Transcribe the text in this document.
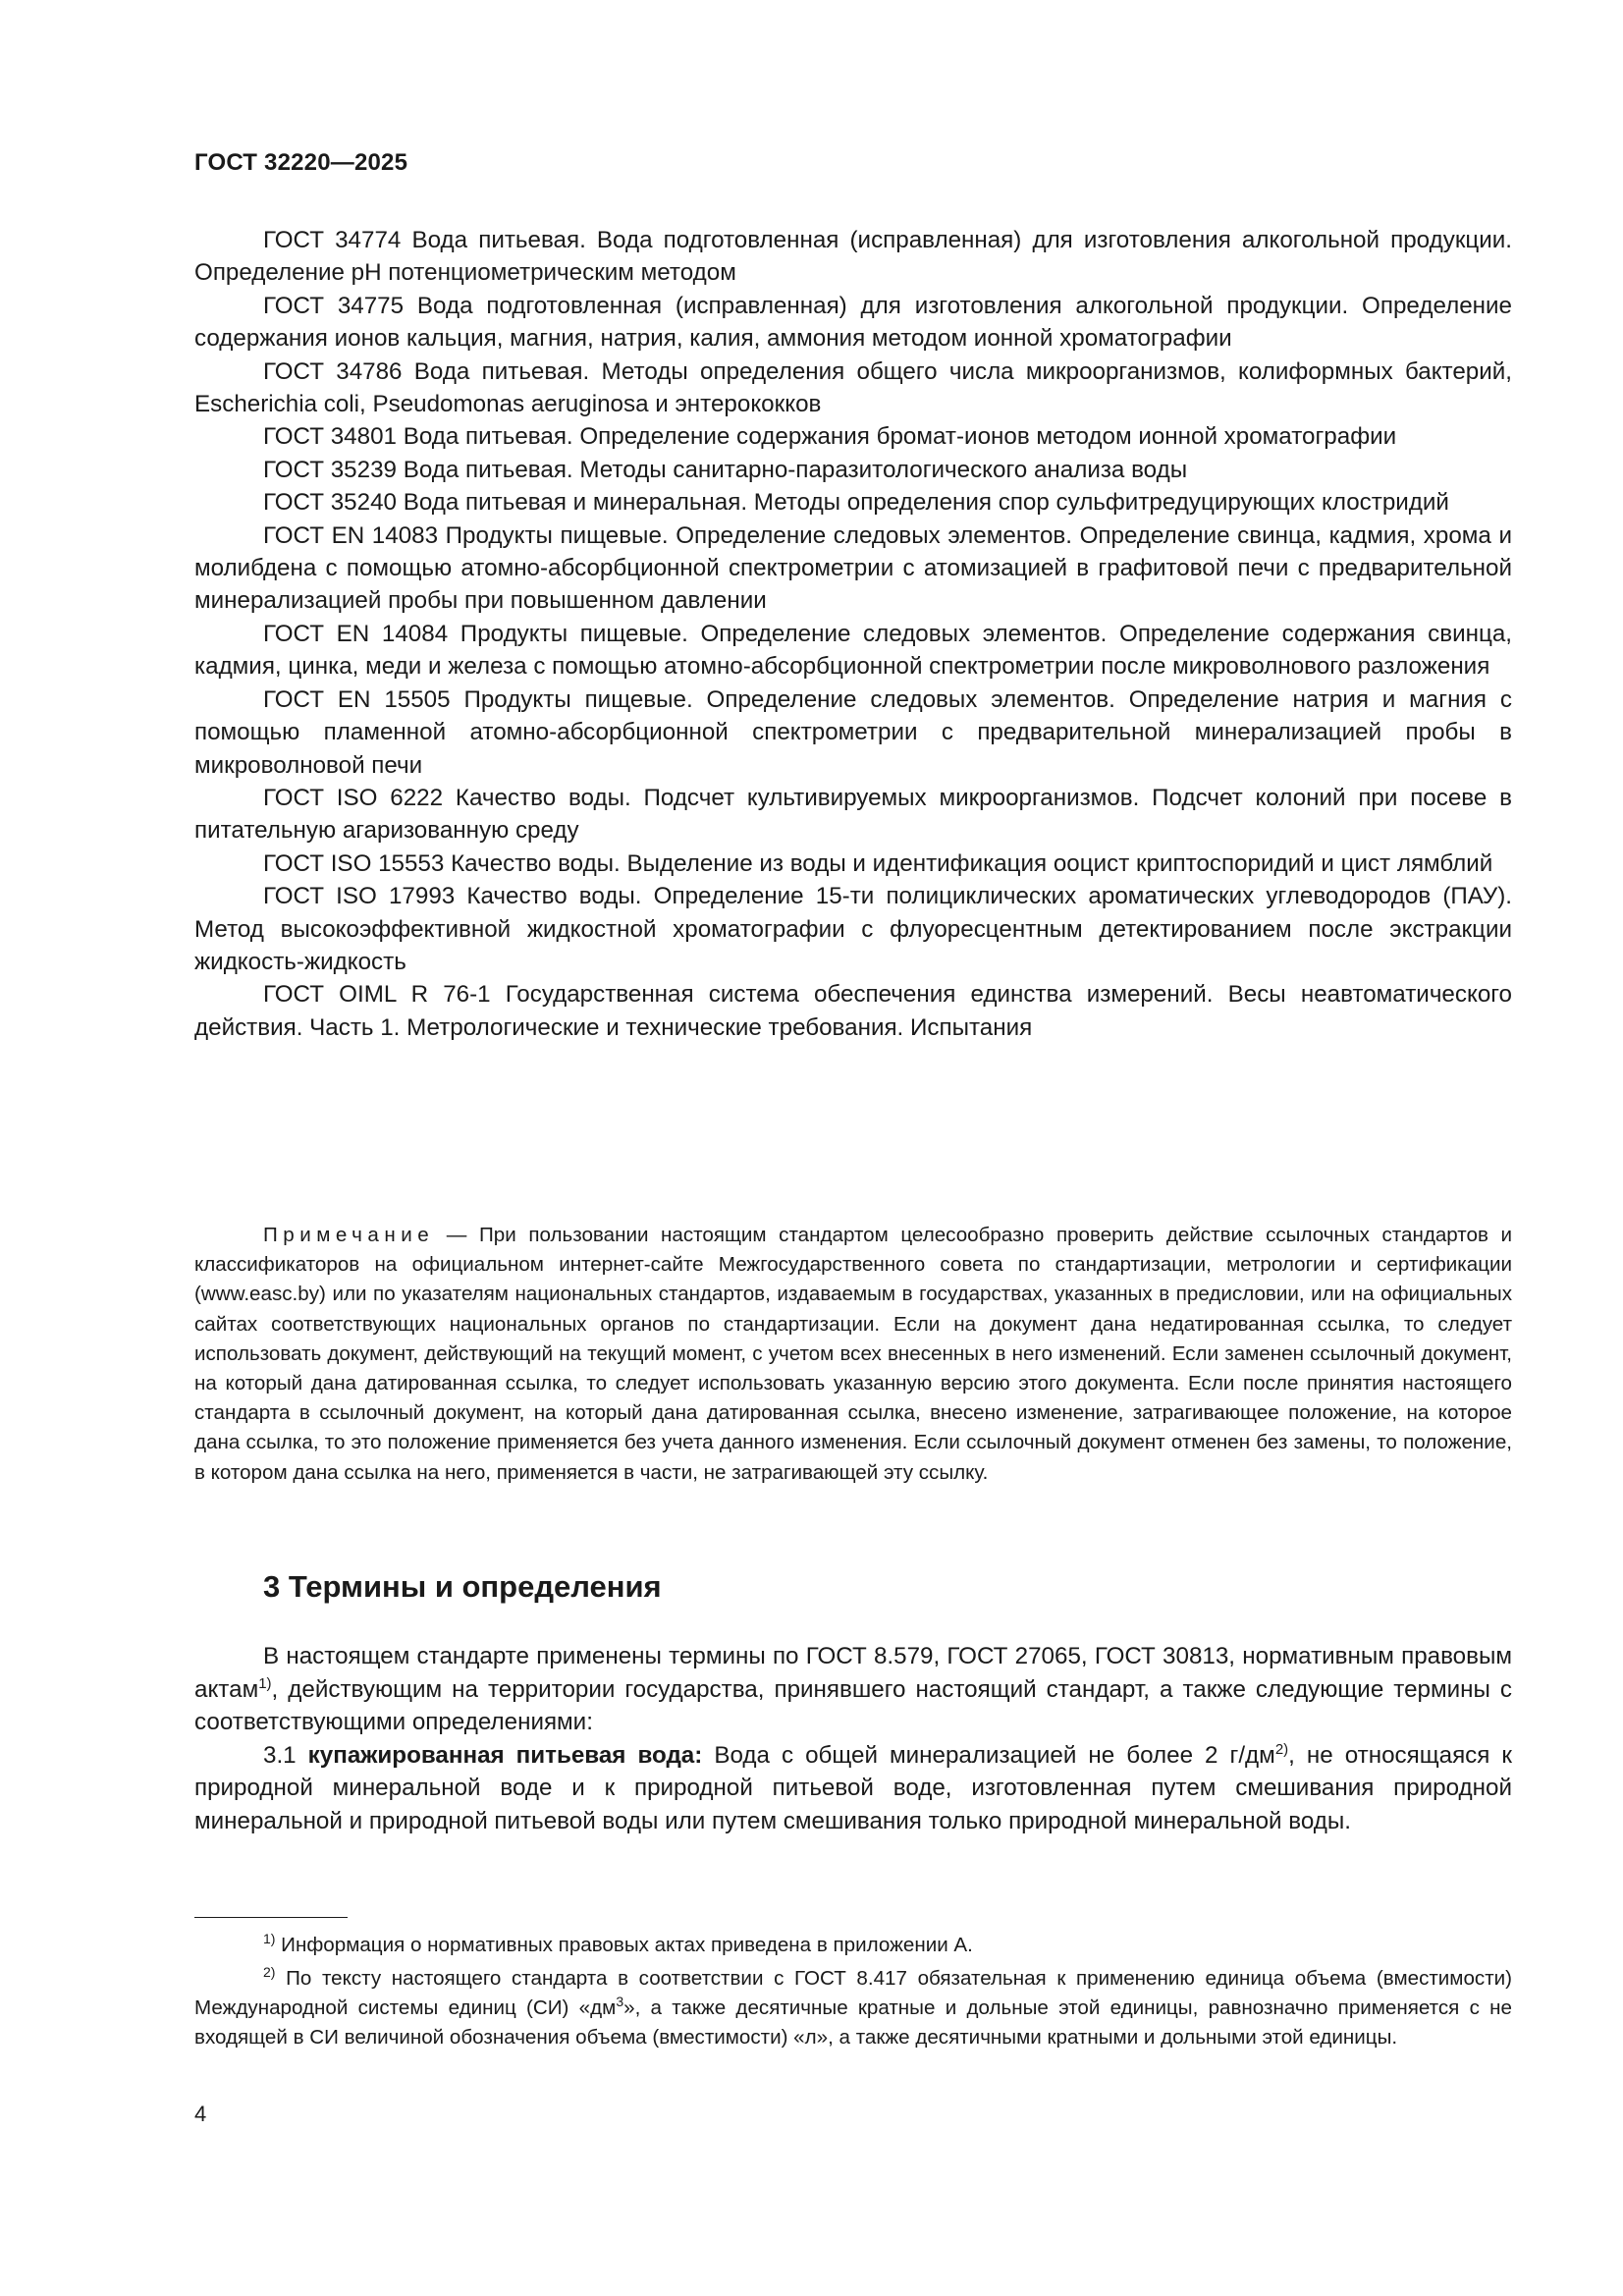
ГОСТ 32220—2025

ГОСТ 34774 Вода питьевая. Вода подготовленная (исправленная) для изготовления алкогольной продукции. Определение pH потенциометрическим методом

ГОСТ 34775 Вода подготовленная (исправленная) для изготовления алкогольной продукции. Определение содержания ионов кальция, магния, натрия, калия, аммония методом ионной хроматографии

ГОСТ 34786 Вода питьевая. Методы определения общего числа микроорганизмов, колиформных бактерий, Escherichia coli, Pseudomonas aeruginosa и энтерококков

ГОСТ 34801 Вода питьевая. Определение содержания бромат-ионов методом ионной хроматографии

ГОСТ 35239 Вода питьевая. Методы санитарно-паразитологического анализа воды

ГОСТ 35240 Вода питьевая и минеральная. Методы определения спор сульфитредуцирующих клостридий

ГОСТ EN 14083 Продукты пищевые. Определение следовых элементов. Определение свинца, кадмия, хрома и молибдена с помощью атомно-абсорбционной спектрометрии с атомизацией в графитовой печи с предварительной минерализацией пробы при повышенном давлении

ГОСТ EN 14084 Продукты пищевые. Определение следовых элементов. Определение содержания свинца, кадмия, цинка, меди и железа с помощью атомно-абсорбционной спектрометрии после микроволнового разложения

ГОСТ EN 15505 Продукты пищевые. Определение следовых элементов. Определение натрия и магния с помощью пламенной атомно-абсорбционной спектрометрии с предварительной минерализацией пробы в микроволновой печи

ГОСТ ISO 6222 Качество воды. Подсчет культивируемых микроорганизмов. Подсчет колоний при посеве в питательную агаризованную среду

ГОСТ ISO 15553 Качество воды. Выделение из воды и идентификация ооцист криптоспоридий и цист лямблий

ГОСТ ISO 17993 Качество воды. Определение 15-ти полициклических ароматических углеводородов (ПАУ). Метод высокоэффективной жидкостной хроматографии с флуоресцентным детектированием после экстракции жидкость-жидкость

ГОСТ OIML R 76-1 Государственная система обеспечения единства измерений. Весы неавтоматического действия. Часть 1. Метрологические и технические требования. Испытания

Примечание — При пользовании настоящим стандартом целесообразно проверить действие ссылочных стандартов и классификаторов на официальном интернет-сайте Межгосударственного совета по стандартизации, метрологии и сертификации (www.easc.by) или по указателям национальных стандартов, издаваемым в государствах, указанных в предисловии, или на официальных сайтах соответствующих национальных органов по стандартизации. Если на документ дана недатированная ссылка, то следует использовать документ, действующий на текущий момент, с учетом всех внесенных в него изменений. Если заменен ссылочный документ, на который дана датированная ссылка, то следует использовать указанную версию этого документа. Если после принятия настоящего стандарта в ссылочный документ, на который дана датированная ссылка, внесено изменение, затрагивающее положение, на которое дана ссылка, то это положение применяется без учета данного изменения. Если ссылочный документ отменен без замены, то положение, в котором дана ссылка на него, применяется в части, не затрагивающей эту ссылку.

3 Термины и определения

В настоящем стандарте применены термины по ГОСТ 8.579, ГОСТ 27065, ГОСТ 30813, нормативным правовым актам$^{1)}$, действующим на территории государства, принявшего настоящий стандарт, а также следующие термины с соответствующими определениями:

3.1 купажированная питьевая вода: Вода с общей минерализацией не более 2 $г/дм^{2)}$, не относящаяся к природной минеральной воде и к природной питьевой воде, изготовленная путем смешивания природной минеральной и природной питьевой воды или путем смешивания только природной минеральной воды.

$^{1)}$ Информация о нормативных правовых актах приведена в приложении А.

$^{2)}$ По тексту настоящего стандарта в соответствии с ГОСТ 8.417 обязательная к применению единица объема (вместимости) Международной системы единиц (СИ) «$дм^3$», а также десятичные кратные и дольные этой единицы, равнозначно применяется с не входящей в СИ величиной обозначения объема (вместимости) «л», а также десятичными кратными и дольными этой единицы.

4
